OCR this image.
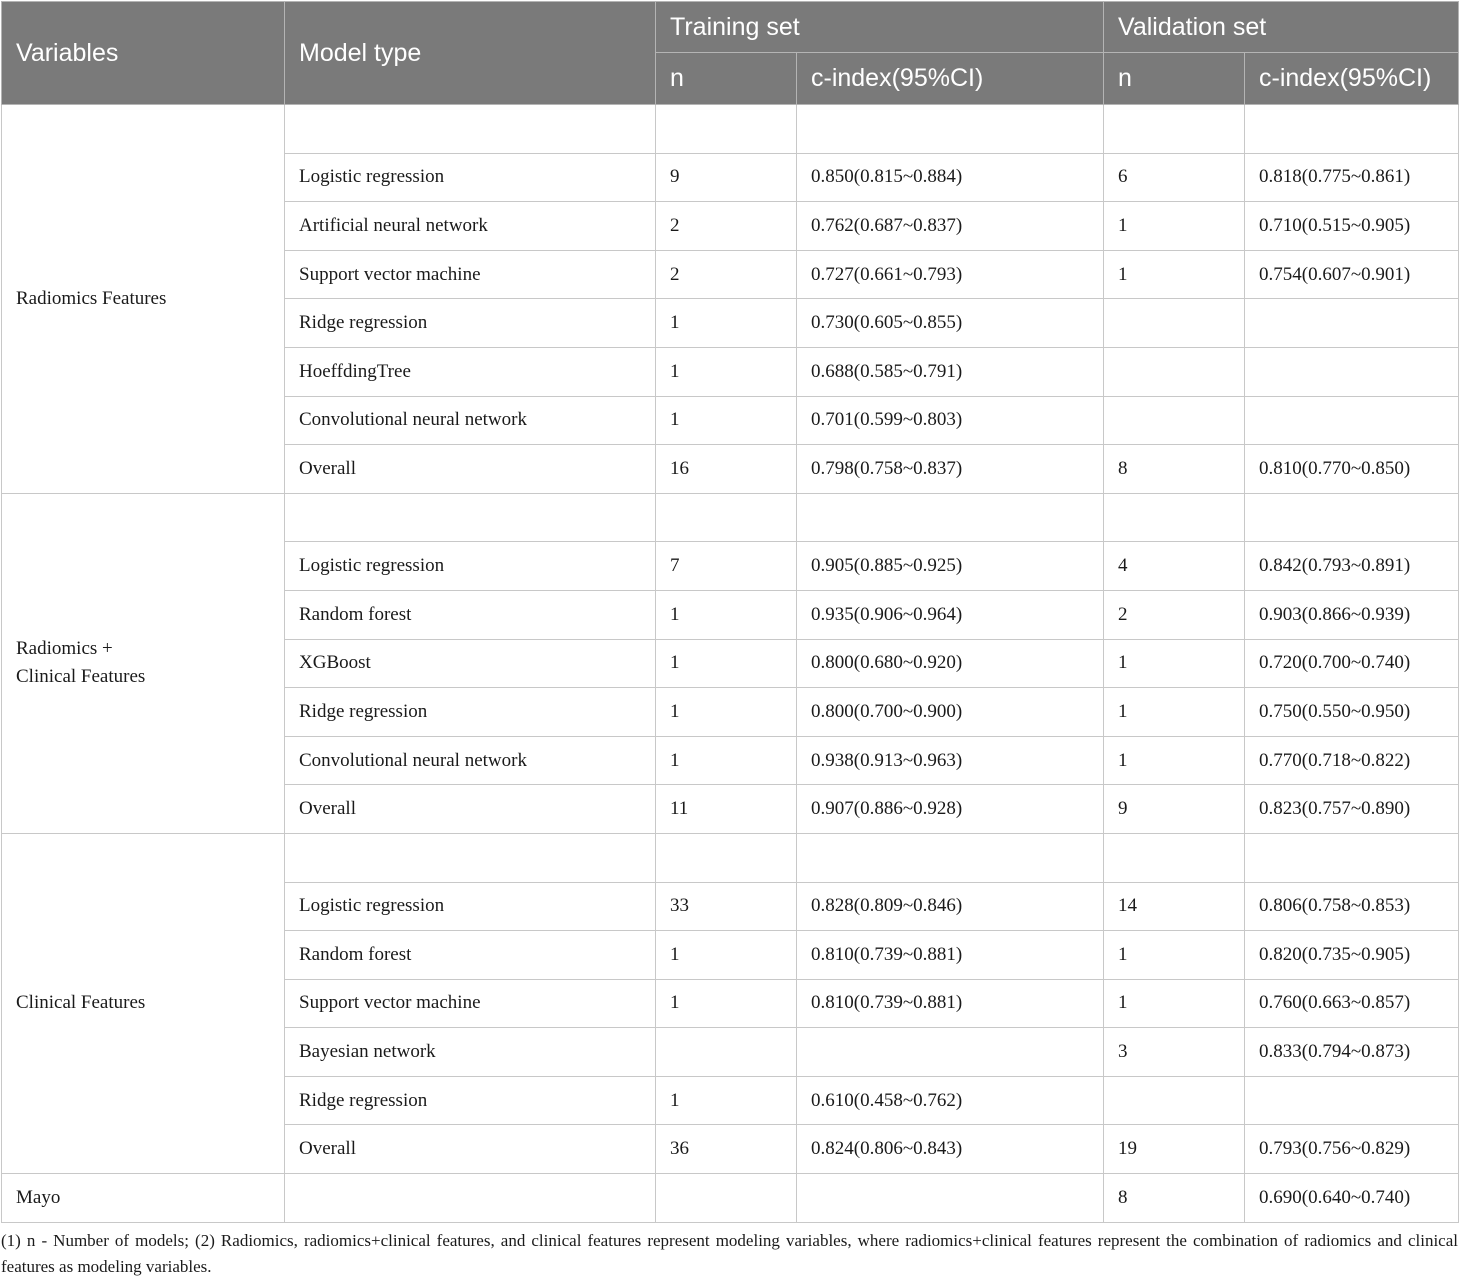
Variables	Model type	Training set		Validation set	
		n	c-index(95%CI)	n	c-index(95%CI)
Radiomics Features					
	Logistic regression	9	0.850(0.815~0.884)	6	0.818(0.775~0.861)
	Artificial neural network	2	0.762(0.687~0.837)	1	0.710(0.515~0.905)
	Support vector machine	2	0.727(0.661~0.793)	1	0.754(0.607~0.901)
	Ridge regression	1	0.730(0.605~0.855)		
	HoeffdingTree	1	0.688(0.585~0.791)		
	Convolutional neural network	1	0.701(0.599~0.803)		
	Overall	16	0.798(0.758~0.837)	8	0.810(0.770~0.850)
Radiomics + Clinical Features					
	Logistic regression	7	0.905(0.885~0.925)	4	0.842(0.793~0.891)
	Random forest	1	0.935(0.906~0.964)	2	0.903(0.866~0.939)
	XGBoost	1	0.800(0.680~0.920)	1	0.720(0.700~0.740)
	Ridge regression	1	0.800(0.700~0.900)	1	0.750(0.550~0.950)
	Convolutional neural network	1	0.938(0.913~0.963)	1	0.770(0.718~0.822)
	Overall	11	0.907(0.886~0.928)	9	0.823(0.757~0.890)
Clinical Features					
	Logistic regression	33	0.828(0.809~0.846)	14	0.806(0.758~0.853)
	Random forest	1	0.810(0.739~0.881)	1	0.820(0.735~0.905)
	Support vector machine	1	0.810(0.739~0.881)	1	0.760(0.663~0.857)
	Bayesian network			3	0.833(0.794~0.873)
	Ridge regression	1	0.610(0.458~0.762)		
	Overall	36	0.824(0.806~0.843)	19	0.793(0.756~0.829)
Mayo				8	0.690(0.640~0.740)
(1) n - Number of models; (2) Radiomics, radiomics+clinical features, and clinical features represent modeling variables, where radiomics+clinical features represent the combination of radiomics and clinical features as modeling variables.
